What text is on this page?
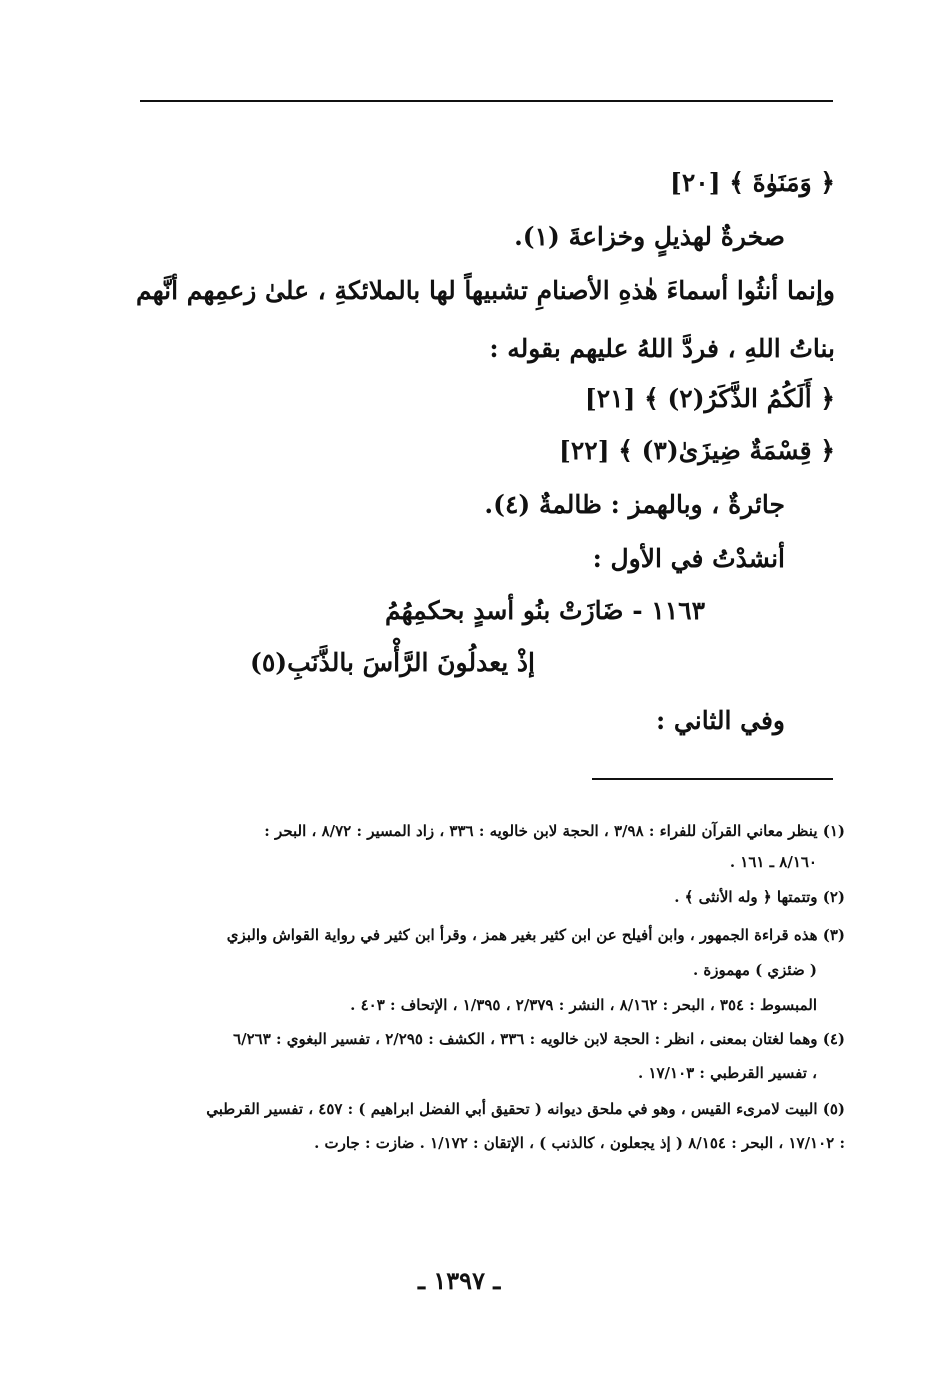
﴿ وَمَنَوٰةَ ﴾ [٢٠]
صخرةٌ لهذيلٍ وخزاعةَ (١).
وإنما أنثُوا أسماءَ هٰذهِ الأصنامِ تشبيهاً لها بالملائكةِ ، علىٰ زعمِهم أنَّهم
بناتُ اللهِ ، فردَّ اللهُ عليهم بقوله :
﴿ أَلَكُمُ الذَّكَرُ(٢) ﴾ [٢١]
﴿ قِسْمَةٌ ضِيزَىٰ(٣) ﴾ [٢٢]
جائرةٌ ، وبالهمز : ظالمةٌ (٤).
أنشدْتُ في الأول :
١١٦٣ - ضَازَتْ بنُو أسدٍ بحكمِهُمُ
إذْ يعدلُونَ الرَّأْسَ بالذَّنَبِ(٥)
وفي الثاني :
(١) ينظر معاني القرآن للفراء : ٣/٩٨ ، الحجة لابن خالويه : ٣٣٦ ، زاد المسير : ٨/٧٢ ، البحر :
٨/١٦٠ ـ ١٦١ .
(٢) وتتمتها ﴿ وله الأنثى ﴾ .
(٣) هذه قراءة الجمهور ، وابن أفيلح عن ابن كثير بغير همز ، وقرأ ابن كثير في رواية القواش والبزي
( ضئزي ) مهموزة .
المبسوط : ٣٥٤ ، البحر : ٨/١٦٢ ، النشر : ٢/٣٧٩ ، ١/٣٩٥ ، الإتحاف : ٤٠٣ .
(٤) وهما لغتان بمعنى ، انظر : الحجة لابن خالويه : ٣٣٦ ، الكشف : ٢/٢٩٥ ، تفسير البغوي : ٦/٢٦٣
، تفسير القرطبي : ١٧/١٠٣ .
(٥) البيت لامرىء القيس ، وهو في ملحق ديوانه ( تحقيق أبي الفضل ابراهيم ) : ٤٥٧ ، تفسير القرطبي
: ١٧/١٠٢ ، البحر : ٨/١٥٤ ( إذ يجعلون ، كالذنب ) ، الإتقان : ١/١٧٢ . ضازت : جارت .
ـ ١٣٩٧ ـ
